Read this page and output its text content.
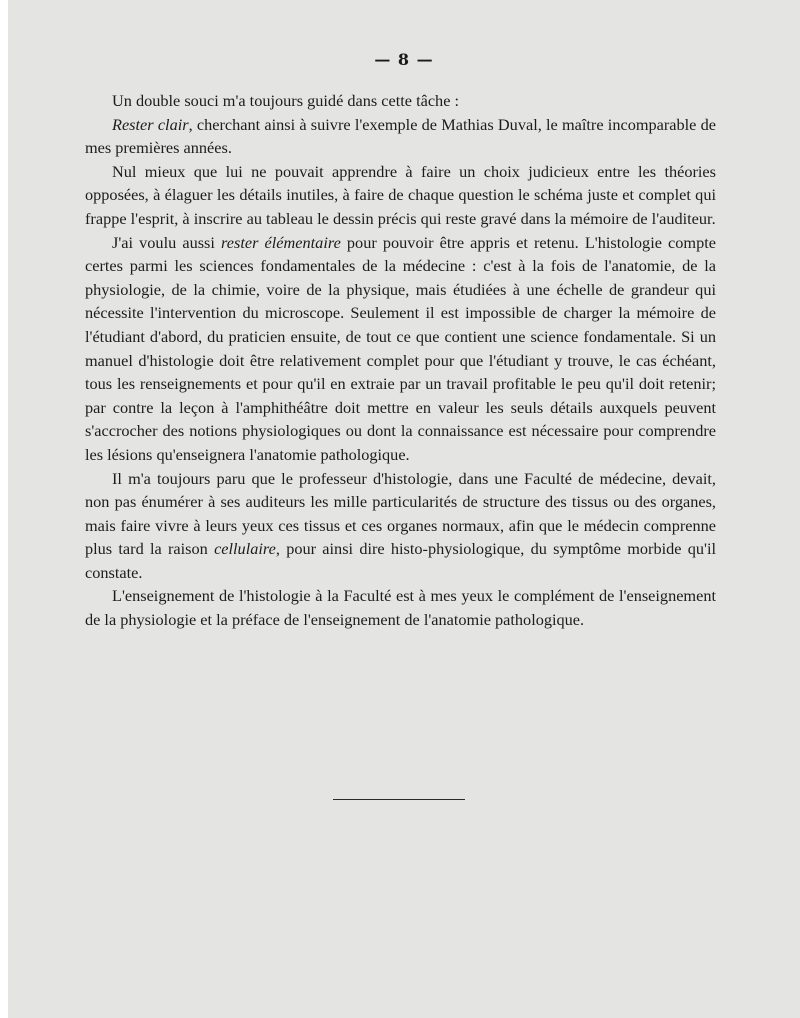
— 8 —

Un double souci m'a toujours guidé dans cette tâche :

Rester clair, cherchant ainsi à suivre l'exemple de Mathias Duval, le maître incomparable de mes premières années.

Nul mieux que lui ne pouvait apprendre à faire un choix judicieux entre les théories opposées, à élaguer les détails inutiles, à faire de chaque question le schéma juste et complet qui frappe l'esprit, à inscrire au tableau le dessin précis qui reste gravé dans la mémoire de l'auditeur.

J'ai voulu aussi rester élémentaire pour pouvoir être appris et retenu. L'histologie compte certes parmi les sciences fondamentales de la médecine : c'est à la fois de l'anatomie, de la physiologie, de la chimie, voire de la physique, mais étudiées à une échelle de grandeur qui nécessite l'intervention du microscope. Seulement il est impossible de charger la mémoire de l'étudiant d'abord, du praticien ensuite, de tout ce que contient une science fondamentale. Si un manuel d'histologie doit être relativement complet pour que l'étudiant y trouve, le cas échéant, tous les renseignements et pour qu'il en extraie par un travail profitable le peu qu'il doit retenir; par contre la leçon à l'amphithéâtre doit mettre en valeur les seuls détails auxquels peuvent s'accrocher des notions physiologiques ou dont la connaissance est nécessaire pour comprendre les lésions qu'enseignera l'anatomie pathologique.

Il m'a toujours paru que le professeur d'histologie, dans une Faculté de médecine, devait, non pas énumérer à ses auditeurs les mille particularités de structure des tissus ou des organes, mais faire vivre à leurs yeux ces tissus et ces organes normaux, afin que le médecin comprenne plus tard la raison cellulaire, pour ainsi dire histo-physiologique, du symptôme morbide qu'il constate.

L'enseignement de l'histologie à la Faculté est à mes yeux le complément de l'enseignement de la physiologie et la préface de l'enseignement de l'anatomie pathologique.
